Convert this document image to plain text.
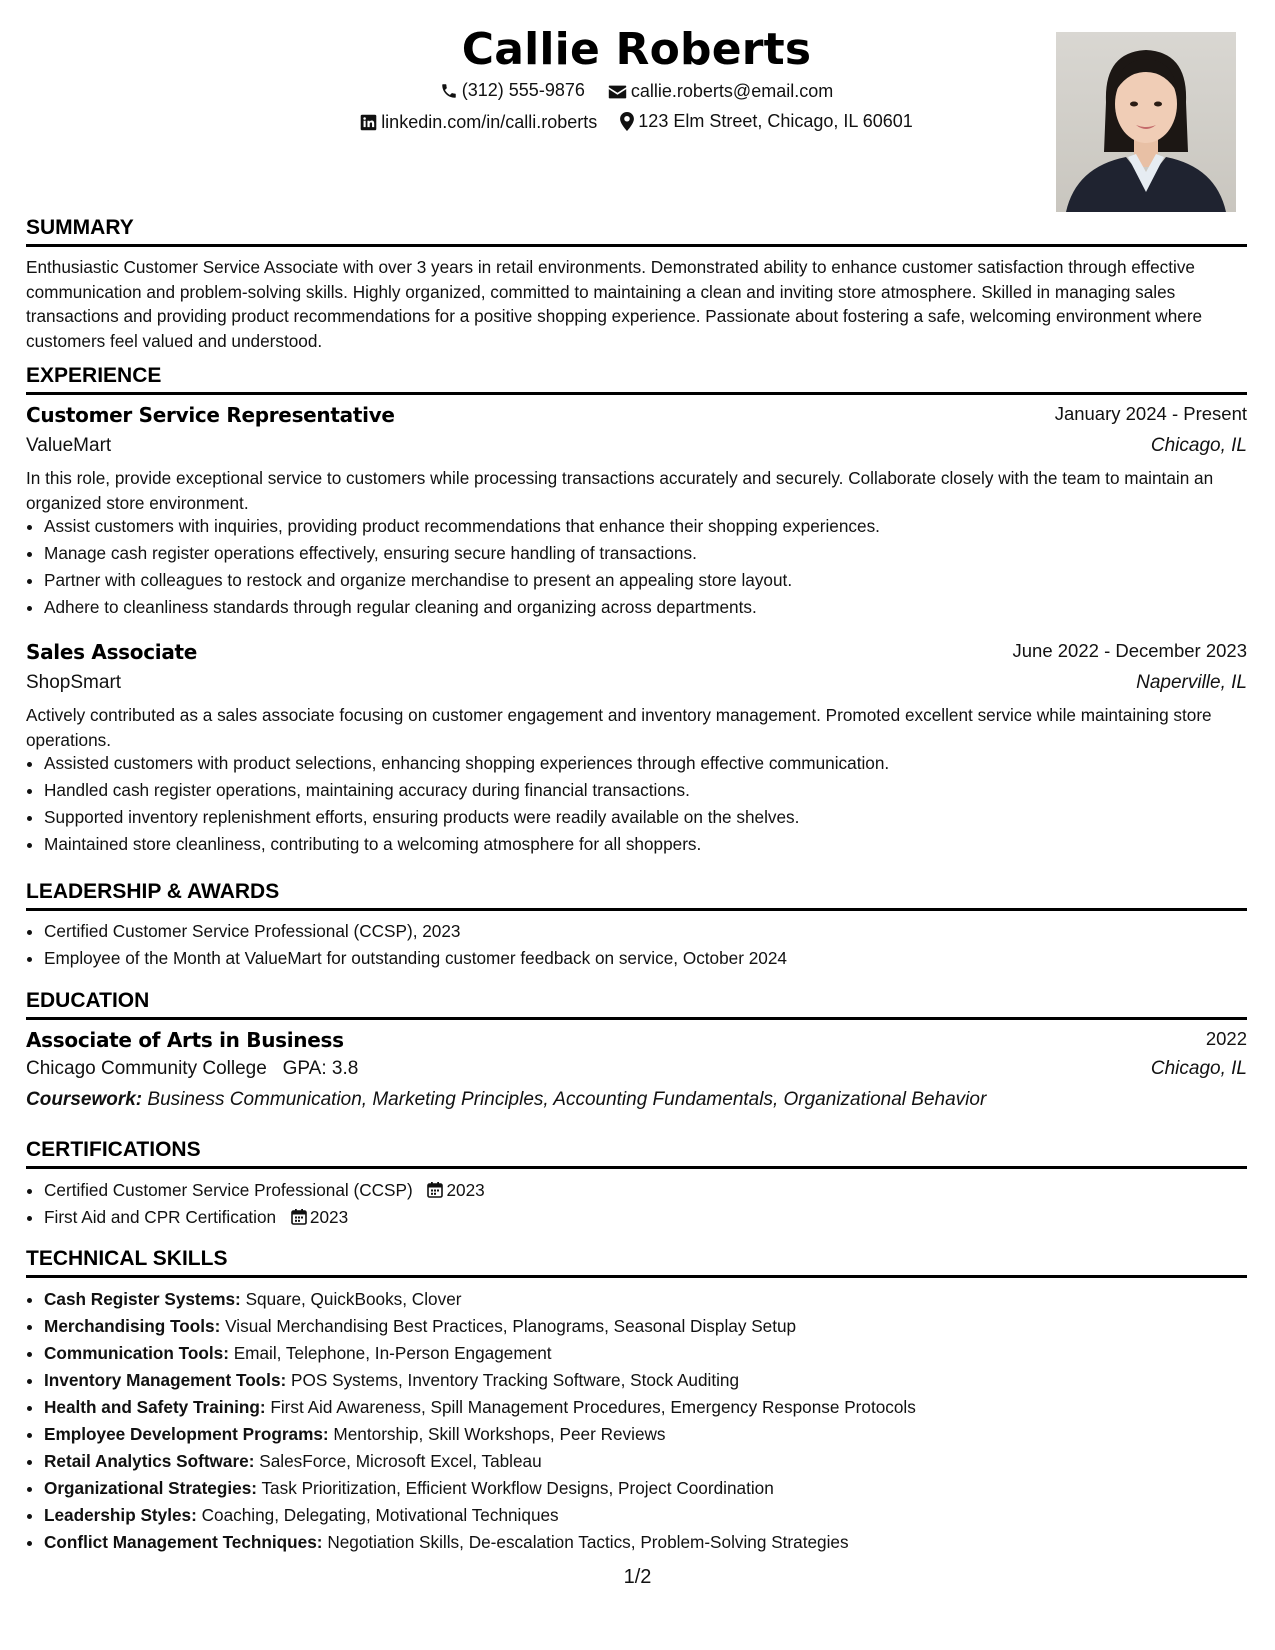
Callie Roberts
(312) 555-9876
	callie.roberts@email.com
linkedin.com/in/calli.roberts
123 Elm Street, Chicago, IL 60601
SUMMARY
Enthusiastic Customer Service Associate with over 3 years in retail environments. Demonstrated ability to enhance customer satisfaction through effective communication and problem-solving skills. Highly organized, committed to maintaining a clean and inviting store atmosphere. Skilled in managing sales transactions and providing product recommendations for a positive shopping experience. Passionate about fostering a safe, welcoming environment where customers feel valued and understood.
EXPERIENCE
Customer Service Representative	January 2024 - Present
ValueMart	Chicago, IL
In this role, provide exceptional service to customers while processing transactions accurately and securely. Collaborate closely with the team to maintain an organized store environment.
• Assist customers with inquiries, providing product recommendations that enhance their shopping experiences.
• Manage cash register operations effectively, ensuring secure handling of transactions.
• Partner with colleagues to restock and organize merchandise to present an appealing store layout.
• Adhere to cleanliness standards through regular cleaning and organizing across departments.
Sales Associate	June 2022 - December 2023
ShopSmart	Naperville, IL
Actively contributed as a sales associate focusing on customer engagement and inventory management. Promoted excellent service while maintaining store operations.
• Assisted customers with product selections, enhancing shopping experiences through effective communication.
• Handled cash register operations, maintaining accuracy during financial transactions.
• Supported inventory replenishment efforts, ensuring products were readily available on the shelves.
• Maintained store cleanliness, contributing to a welcoming atmosphere for all shoppers.
LEADERSHIP & AWARDS
• Certified Customer Service Professional (CCSP), 2023
• Employee of the Month at ValueMart for outstanding customer feedback on service, October 2024
EDUCATION
Associate of Arts in Business	2022
Chicago Community College GPA: 3.8	Chicago, IL
Coursework: Business Communication, Marketing Principles, Accounting Fundamentals, Organizational Behavior
CERTIFICATIONS
• Certified Customer Service Professional (CCSP) 2023
• First Aid and CPR Certification 2023
TECHNICAL SKILLS
• Cash Register Systems: Square, QuickBooks, Clover
• Merchandising Tools: Visual Merchandising Best Practices, Planograms, Seasonal Display Setup
• Communication Tools: Email, Telephone, In-Person Engagement
• Inventory Management Tools: POS Systems, Inventory Tracking Software, Stock Auditing
• Health and Safety Training: First Aid Awareness, Spill Management Procedures, Emergency Response Protocols
• Employee Development Programs: Mentorship, Skill Workshops, Peer Reviews
• Retail Analytics Software: SalesForce, Microsoft Excel, Tableau
• Organizational Strategies: Task Prioritization, Efficient Workflow Designs, Project Coordination
• Leadership Styles: Coaching, Delegating, Motivational Techniques
• Conflict Management Techniques: Negotiation Skills, De-escalation Tactics, Problem-Solving Strategies
1/2
